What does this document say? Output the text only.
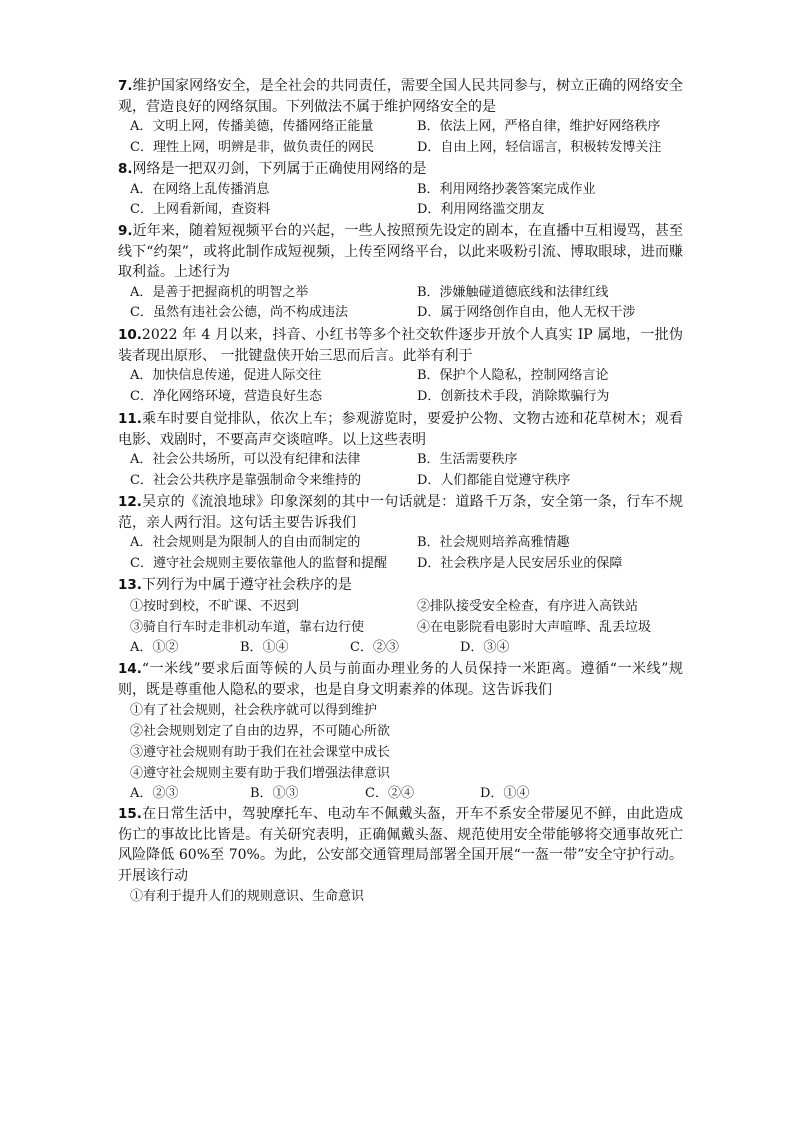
7.维护国家网络安全，是全社会的共同责任，需要全国人民共同参与，树立正确的网络安全观，营造良好的网络氛围。下列做法不属于维护网络安全的是

A．文明上网，传播美德，传播网络正能量	B．依法上网，严格自律，维护好网络秩序
C．理性上网，明辨是非，做负责任的网民	D．自由上网，轻信谣言，积极转发博关注

8.网络是一把双刃剑，下列属于正确使用网络的是

A．在网络上乱传播消息	B．利用网络抄袭答案完成作业
C．上网看新闻，查资料	D．利用网络滥交朋友

9.近年来，随着短视频平台的兴起，一些人按照预先设定的剧本，在直播中互相谩骂，甚至线下“约架”，或将此制作成短视频，上传至网络平台，以此来吸粉引流、博取眼球，进而赚取利益。上述行为

A．是善于把握商机的明智之举	B．涉嫌触碰道德底线和法律红线
C．虽然有违社会公德，尚不构成违法	D．属于网络创作自由，他人无权干涉

10.2022 年 4 月以来，抖音、小红书等多个社交软件逐步开放个人真实 IP 属地，一批伪装者现出原形、 一批键盘侠开始三思而后言。此举有利于

A．加快信息传递，促进人际交往	B．保护个人隐私，控制网络言论
C．净化网络环境，营造良好生态	D．创新技术手段，消除欺骗行为

11.乘车时要自觉排队，依次上车；参观游览时，要爱护公物、文物古迹和花草树木；观看电影、戏剧时，不要高声交谈喧哗。以上这些表明

A．社会公共场所，可以没有纪律和法律	B．生活需要秩序
C．社会公共秩序是靠强制命令来维持的	D．人们都能自觉遵守秩序

12.吴京的《流浪地球》印象深刻的其中一句话就是：道路千万条，安全第一条，行车不规范，亲人两行泪。这句话主要告诉我们

A．社会规则是为限制人的自由而制定的	B．社会规则培养高雅情趣
C．遵守社会规则主要依靠他人的监督和提醒	D．社会秩序是人民安居乐业的保障

13.下列行为中属于遵守社会秩序的是

①按时到校，不旷课、不迟到	②排队接受安全检查，有序进入高铁站
③骑自行车时走非机动车道，靠右边行使	④在电影院看电影时大声喧哗、乱丢垃圾
A．①②	B．①④	C．②③	D．③④

14.“一米线”要求后面等候的人员与前面办理业务的人员保持一米距离。遵循“一米线”规则，既是尊重他人隐私的要求，也是自身文明素养的体现。这告诉我们

①有了社会规则，社会秩序就可以得到维护
②社会规则划定了自由的边界，不可随心所欲
③遵守社会规则有助于我们在社会课堂中成长
④遵守社会规则主要有助于我们增强法律意识
A．②③	B．①③	C．②④	D．①④

15.在日常生活中，驾驶摩托车、电动车不佩戴头盔，开车不系安全带屡见不鲜，由此造成伤亡的事故比比皆是。有关研究表明，正确佩戴头盔、规范使用安全带能够将交通事故死亡风险降低 60%至 70%。为此，公安部交通管理局部署全国开展“一盔一带”安全守护行动。开展该行动

①有利于提升人们的规则意识、生命意识
